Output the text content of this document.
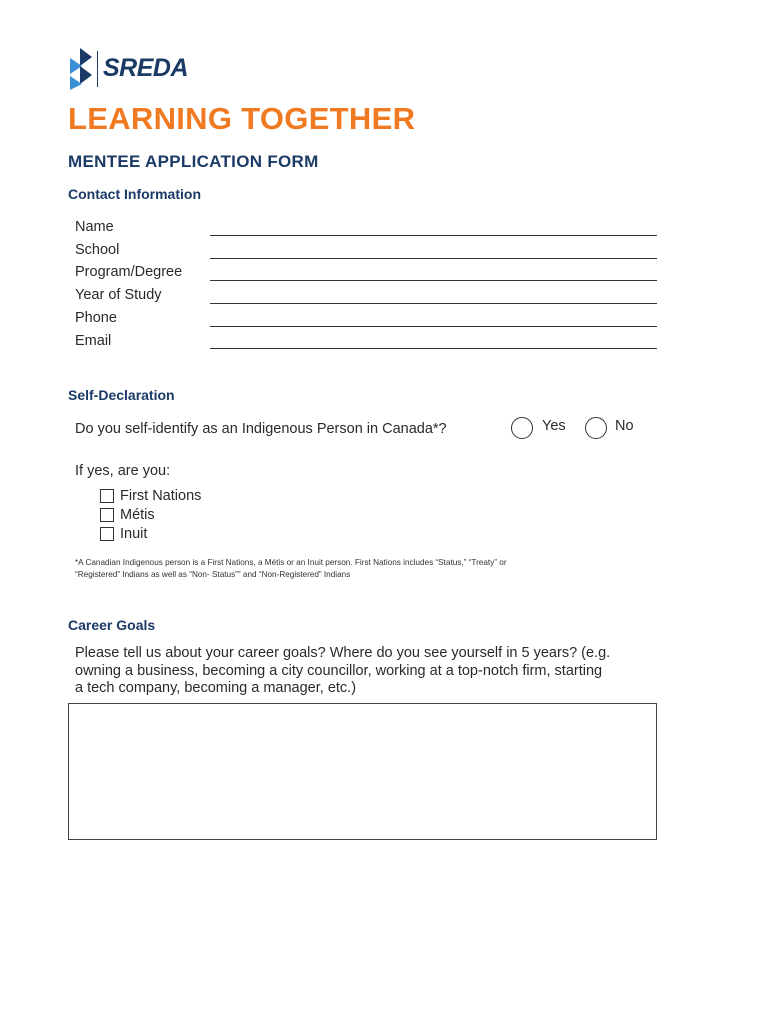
SREDA
LEARNING TOGETHER
MENTEE APPLICATION FORM
Contact Information
Name
School
Program/Degree
Year of Study
Phone
Email
Self-Declaration
Do you self-identify as an Indigenous Person in Canada*?	Yes	No
If yes, are you:
First Nations
Métis
Inuit
*A Canadian Indigenous person is a First Nations, a Métis or an Inuit person. First Nations includes “Status,” “Treaty” or
“Registered” Indians as well as “Non- Status”” and “Non-Registered” Indians
Career Goals
Please tell us about your career goals? Where do you see yourself in 5 years? (e.g.
owning a business, becoming a city councillor, working at a top-notch firm, starting
a tech company, becoming a manager, etc.)
